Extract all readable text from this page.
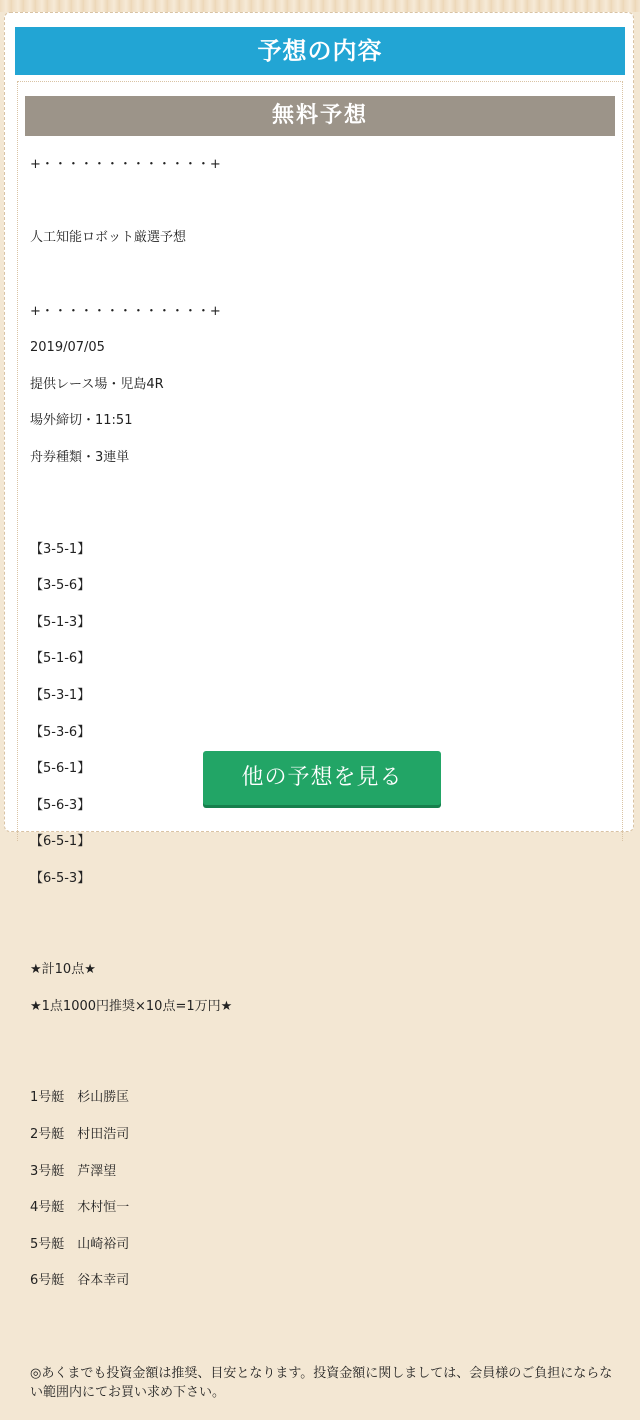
予想の内容
無料予想

+・・・・・・・・・・・・・+

人工知能ロボット厳選予想

+・・・・・・・・・・・・・+

2019/07/05

提供レース場・児島4R

場外締切・11:51

舟券種類・3連単

【3-5-1】

【3-5-6】

【5-1-3】

【5-1-6】

【5-3-1】

【5-3-6】

【5-6-1】

【5-6-3】

【6-5-1】

【6-5-3】

★計10点★

★1点1000円推奨×10点=1万円★

1号艇　杉山勝匡

2号艇　村田浩司

3号艇　芦澤望

4号艇　木村恒一

5号艇　山崎裕司

6号艇　谷本幸司

◎あくまでも投資金額は推奨、目安となります。投資金額に関しましては、会員様のご負担にならない範囲内にてお買い求め下さい。

他の予想を見る
